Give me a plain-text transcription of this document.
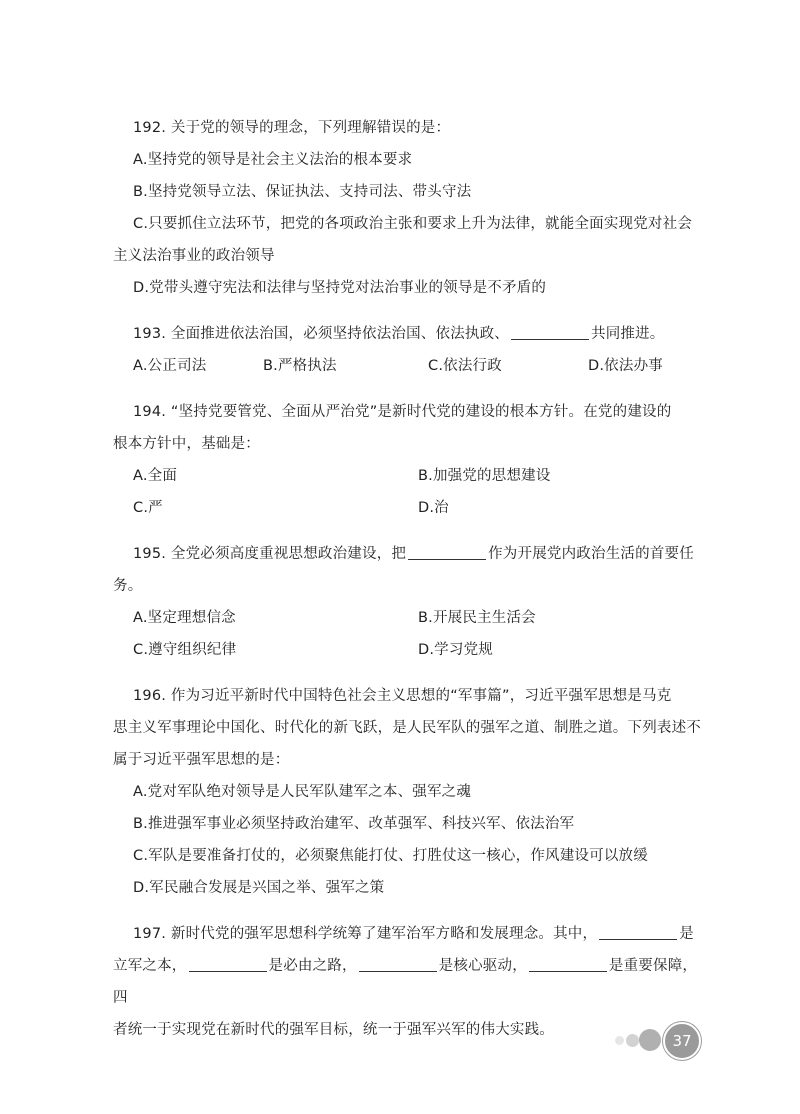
192. 关于党的领导的理念，下列理解错误的是：

A.坚持党的领导是社会主义法治的根本要求

B.坚持党领导立法、保证执法、支持司法、带头守法

C.只要抓住立法环节，把党的各项政治主张和要求上升为法律，就能全面实现党对社会

主义法治事业的政治领导

D.党带头遵守宪法和法律与坚持党对法治事业的领导是不矛盾的

193. 全面推进依法治国，必须坚持依法治国、依法执政、	共同推进。

A.公正司法	B.严格执法	C.依法行政	D.依法办事

194. “坚持党要管党、全面从严治党”是新时代党的建设的根本方针。在党的建设的

根本方针中，基础是：

A.全面	B.加强党的思想建设
C.严	D.治

195. 全党必须高度重视思想政治建设，把	作为开展党内政治生活的首要任

务。

A.坚定理想信念	B.开展民主生活会
C.遵守组织纪律	D.学习党规

196. 作为习近平新时代中国特色社会主义思想的“军事篇”，习近平强军思想是马克

思主义军事理论中国化、时代化的新飞跃，是人民军队的强军之道、制胜之道。下列表述不

属于习近平强军思想的是：

A.党对军队绝对领导是人民军队建军之本、强军之魂

B.推进强军事业必须坚持政治建军、改革强军、科技兴军、依法治军

C.军队是要准备打仗的，必须聚焦能打仗、打胜仗这一核心，作风建设可以放缓

D.军民融合发展是兴国之举、强军之策

197. 新时代党的强军思想科学统筹了建军治军方略和发展理念。其中，	是

立军之本，	是必由之路，	是核心驱动，	是重要保障，四

者统一于实现党在新时代的强军目标，统一于强军兴军的伟大实践。

37
